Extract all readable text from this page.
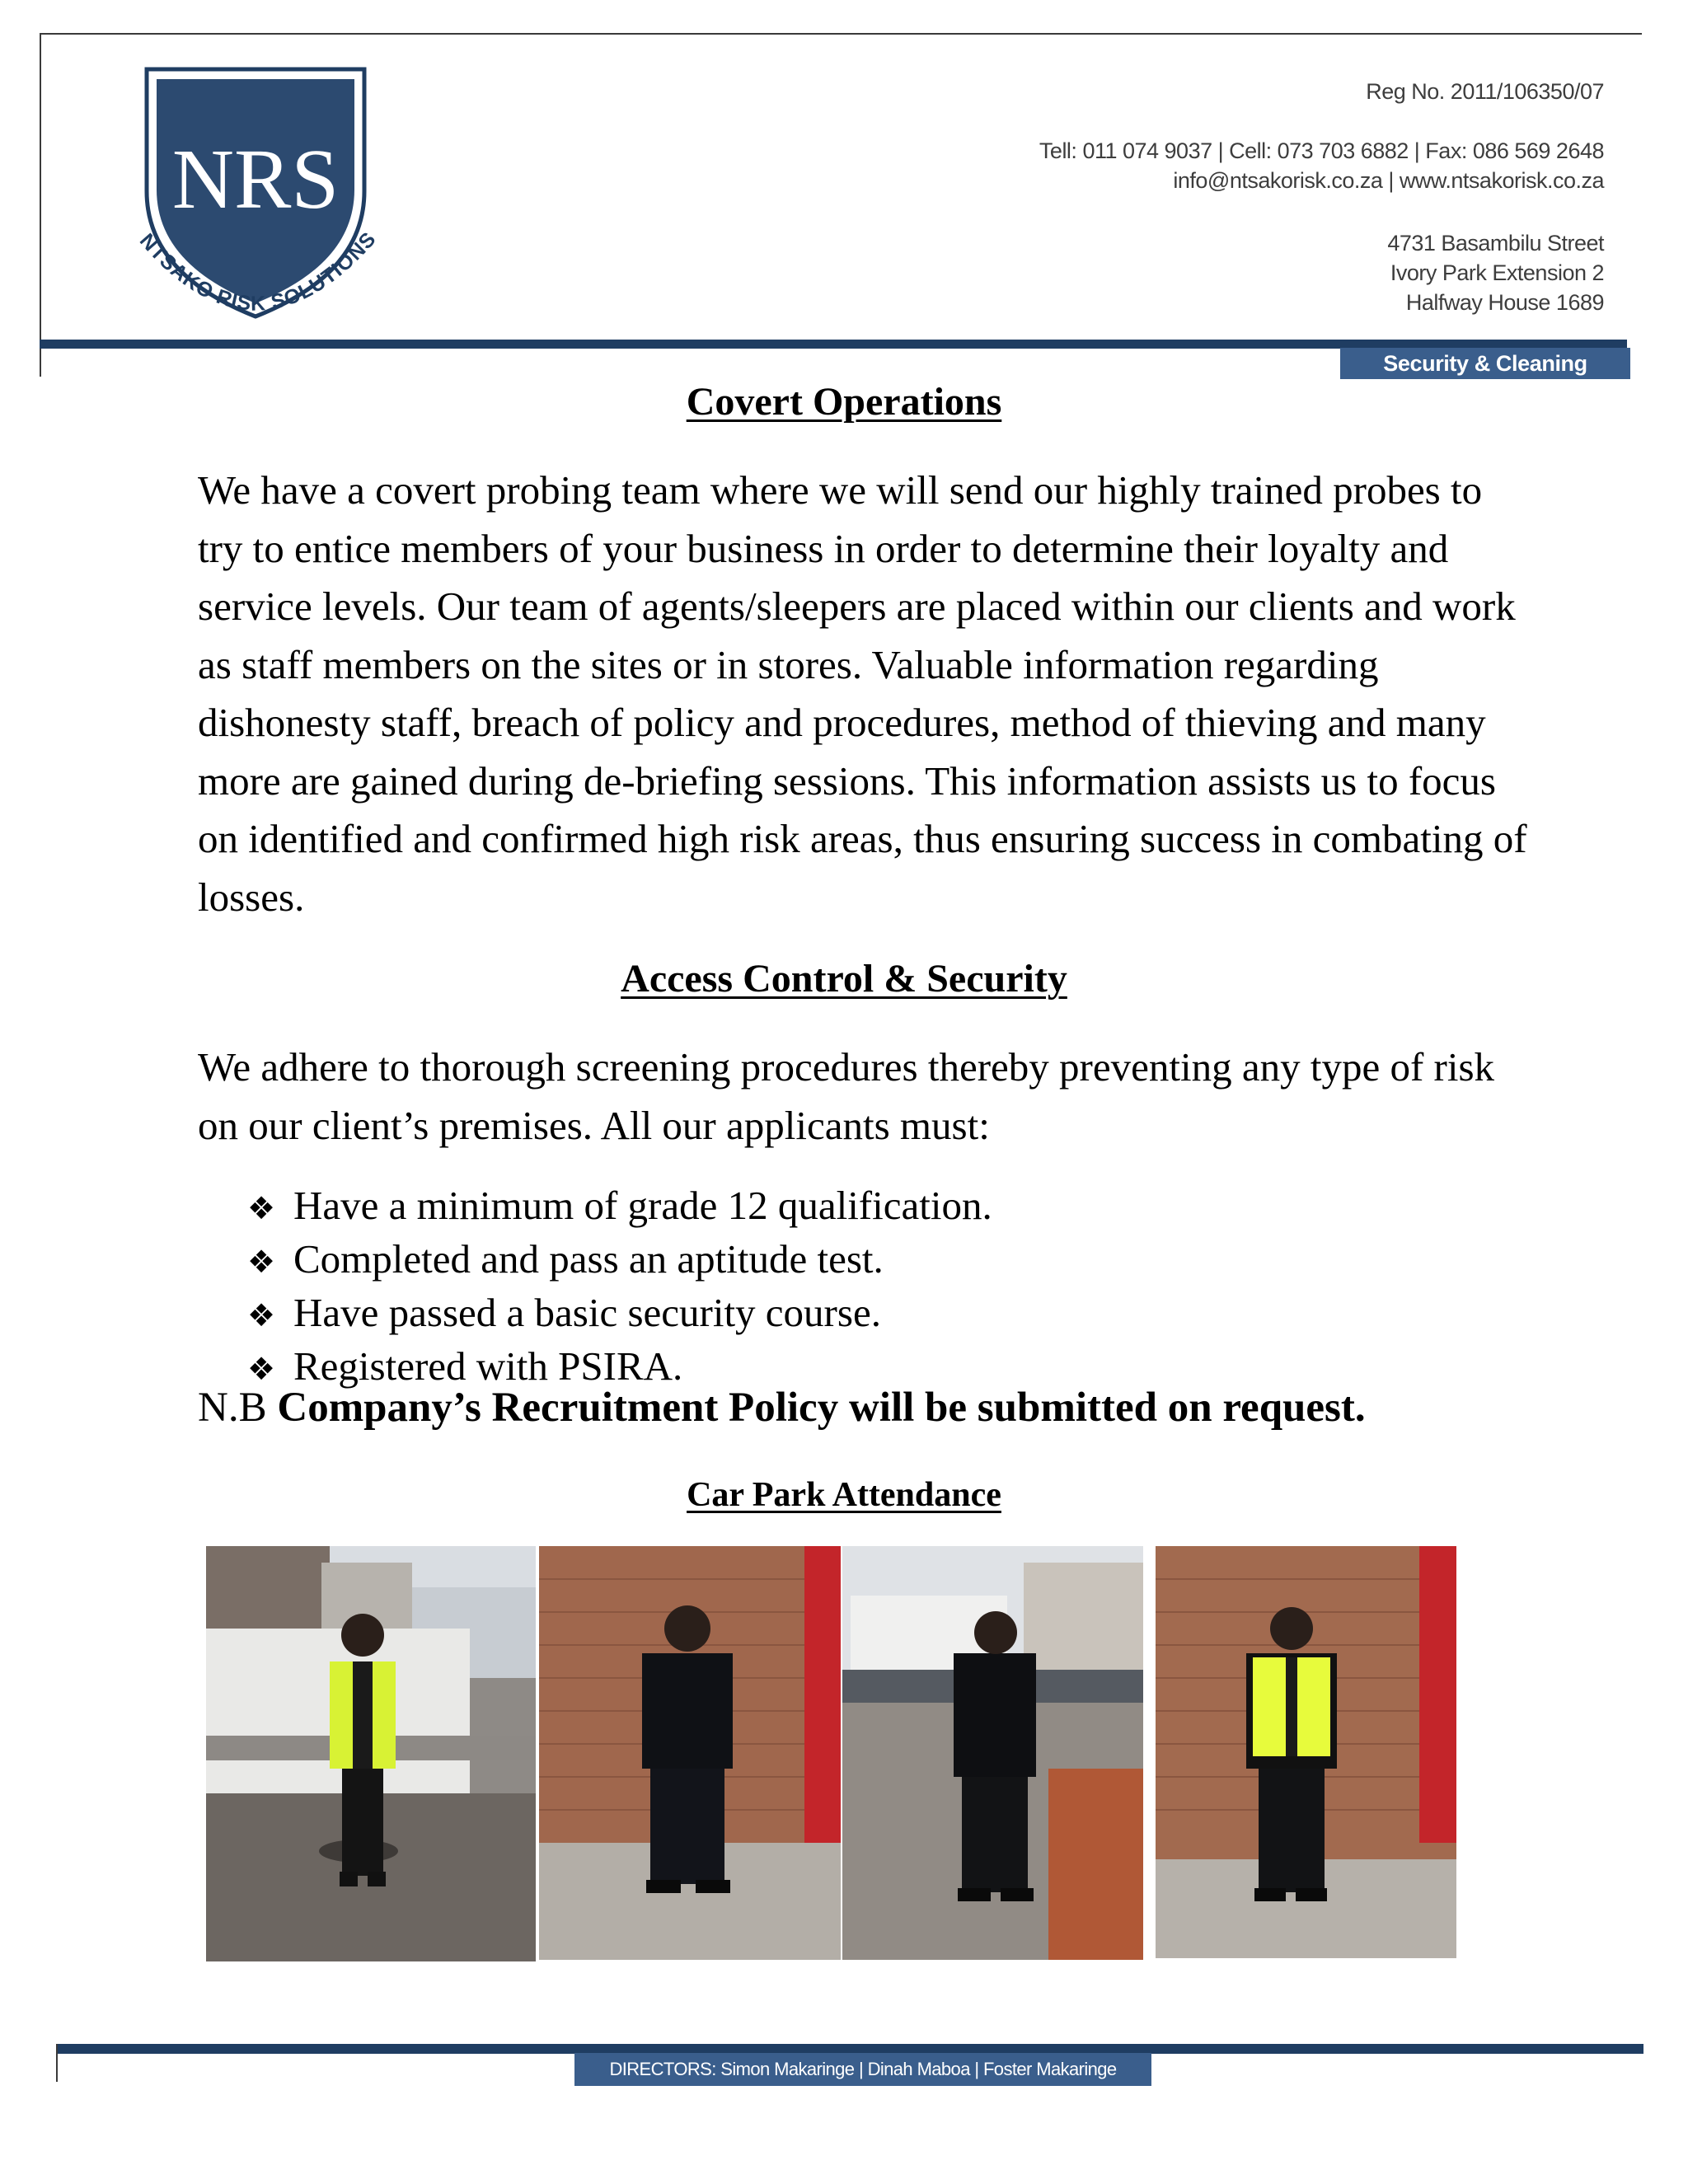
NRS
NTSAKO RISK SOLUTIONS
Reg No. 2011/106350/07
Tell: 011 074 9037 | Cell: 073 703 6882 | Fax: 086 569 2648
info@ntsakorisk.co.za | www.ntsakorisk.co.za
4731 Basambilu Street
Ivory Park Extension 2
Halfway House 1689
Security & Cleaning
Covert Operations

We have a covert probing team where we will send our highly trained probes to try to entice members of your business in order to determine their loyalty and service levels. Our team of agents/sleepers are placed within our clients and work as staff members on the sites or in stores. Valuable information regarding dishonesty staff, breach of policy and procedures, method of thieving and many more are gained during de-briefing sessions. This information assists us to focus on identified and confirmed high risk areas, thus ensuring success in combating of losses.

Access Control & Security

We adhere to thorough screening procedures thereby preventing any type of risk on our client’s premises. All our applicants must:

❖ Have a minimum of grade 12 qualification.
❖ Completed and pass an aptitude test.
❖ Have passed a basic security course.
❖ Registered with PSIRA.
N.B Company’s Recruitment Policy will be submitted on request.
Car Park Attendance
DIRECTORS: Simon Makaringe | Dinah Maboa | Foster Makaringe
